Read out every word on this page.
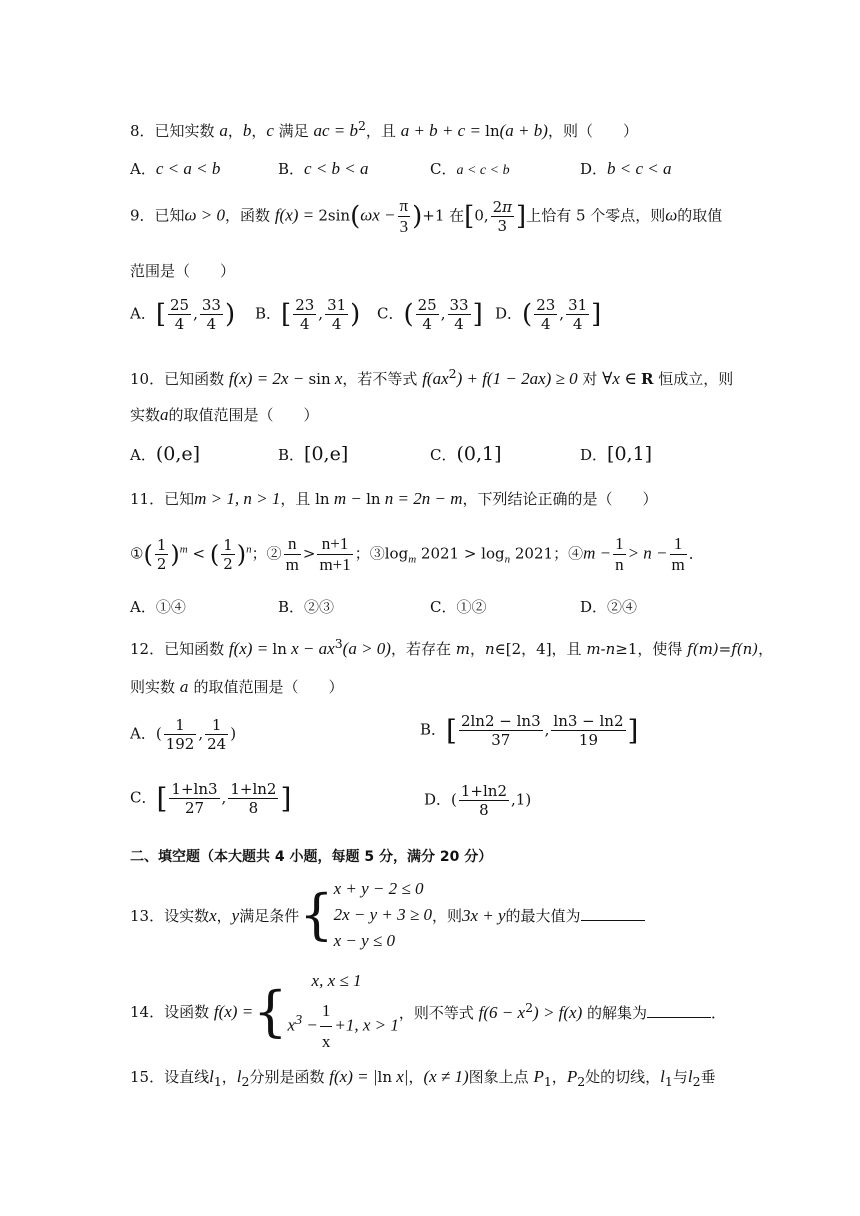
8．已知实数 a，b，c 满足 ac = $b^2$，且 a + b + c = ln(a + b)，则（　　）
A．c < a < b	B．c < b < a	C．a < c < b	D．b < c < a
9．已知ω > 0，函数 $f(x) = 2\sin(\omega x - \frac{\pi}{3} )+1$ 在[0, $\frac{2\pi}{3}$ ]上恰有 5 个零点，则ω的取值
范围是（　　）
A．[ $\frac{25}{4}$ , $\frac{33}{4}$ ) B．[ $\frac{23}{4}$ , $\frac{31}{4}$ ) C．( $\frac{25}{4}$ , $\frac{33}{4}$ ] D．( $\frac{23}{4}$ , $\frac{31}{4}$ ]
10．已知函数 f(x) = 2x − sin x，若不等式 $f(ax^2) + f(1 - 2ax) \ge 0$ 对 ∀x ∈ R 恒成立，则
实数a的取值范围是（　　）
A．(0,e]	B．[0,e]	C．(0,1]	D．[0,1]
11．已知m > 1, n > 1，且 ln m − ln n = 2n − m，下列结论正确的是（　　）
①( $\frac{1}{2} )^m$ < ( $\frac{1}{2} )^n$；② $\frac{n}{m} > \frac{n+1}{m+1}$ ；$③\log_m$ $2021 > \log_n 2021$；④m − $\frac{1}{n} > n - \frac{1}{m}$ ．
A．①④	B．②③	C．①②	D．②④
12．已知函数 $f(x) = \ln x - ax^3(a > 0)$，若存在 m，n∈[2，4]，且 m-n≥1，使得 f(m)=f(n)，
则实数 a 的取值范围是（　　）
A．( $\frac{1}{192}$ , $\frac{1}{24}$ )	B．[ $\frac{2\ln 2 - \ln 3}{37}$ , $\frac{\ln 3 - \ln 2}{19}$ ]
C．[ $\frac{1+\ln 3}{27}$ , $\frac{1+\ln 2}{8}$ ]	D．( $\frac{1+\ln 2}{8} ,1$)
二、填空题（本大题共 4 小题，每题 5 分，满分 20 分）
13．设实数x，y满足条件{x + y − 2 ≤ 0
2x − y + 3 ≥ 0
x − y ≤ 0，则3x + y的最大值为
14．设函数 f(x) ={ x, x ≤ 1
$x^3 - \frac{1}{x} +1$, x > 1，则不等式 $f(6 - x^2) > f(x)$ 的解集为	．
15．设直线$l_1$，$l_2$分别是函数 f(x) = |ln x|，(x ≠ 1)图象上点 $P_1$，$P_2$处的切线，$l_1$与$l_2$垂
